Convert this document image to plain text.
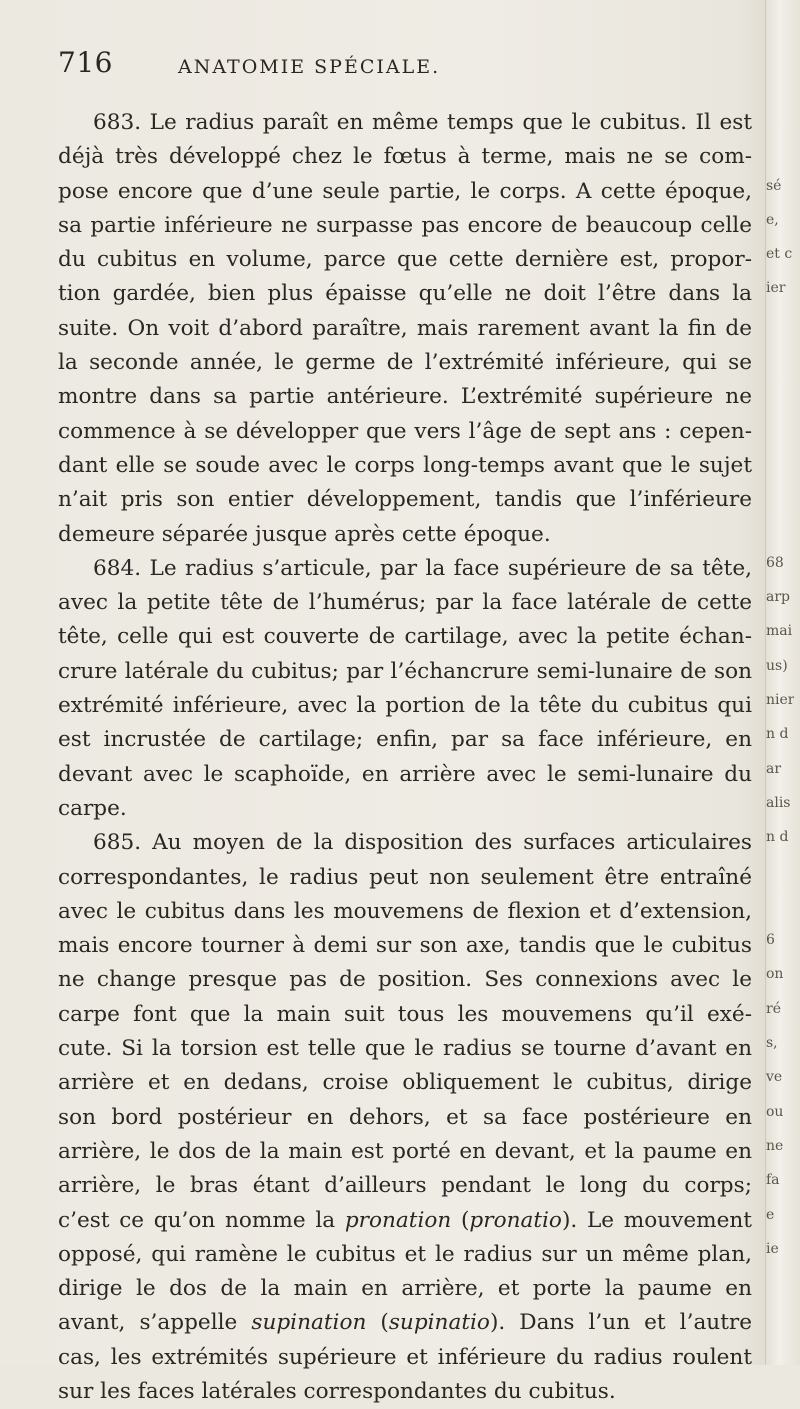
sé
e,
et c
ier
68
arp
mai
us)
nier
n d
ar
alis
n d
6
on
ré
s,
ve
ou
ne
fa
e
ie
716	ANATOMIE SPÉCIALE.
683. Le radius paraît en même temps que le cubitus. Il est
déjà très développé chez le fœtus à terme, mais ne se com-
pose encore que d’une seule partie, le corps. A cette époque,
sa partie inférieure ne surpasse pas encore de beaucoup celle
du cubitus en volume, parce que cette dernière est, propor-
tion gardée, bien plus épaisse qu’elle ne doit l’être dans la
suite. On voit d’abord paraître, mais rarement avant la fin de
la seconde année, le germe de l’extrémité inférieure, qui se
montre dans sa partie antérieure. L’extrémité supérieure ne
commence à se développer que vers l’âge de sept ans : cepen-
dant elle se soude avec le corps long-temps avant que le sujet
n’ait pris son entier développement, tandis que l’inférieure
demeure séparée jusque après cette époque.
684. Le radius s’articule, par la face supérieure de sa tête,
avec la petite tête de l’humérus; par la face latérale de cette
tête, celle qui est couverte de cartilage, avec la petite échan-
crure latérale du cubitus; par l’échancrure semi-lunaire de son
extrémité inférieure, avec la portion de la tête du cubitus qui
est incrustée de cartilage; enfin, par sa face inférieure, en
devant avec le scaphoïde, en arrière avec le semi-lunaire du
carpe.
685. Au moyen de la disposition des surfaces articulaires
correspondantes, le radius peut non seulement être entraîné
avec le cubitus dans les mouvemens de flexion et d’extension,
mais encore tourner à demi sur son axe, tandis que le cubitus
ne change presque pas de position. Ses connexions avec le
carpe font que la main suit tous les mouvemens qu’il exé-
cute. Si la torsion est telle que le radius se tourne d’avant en
arrière et en dedans, croise obliquement le cubitus, dirige
son bord postérieur en dehors, et sa face postérieure en
arrière, le dos de la main est porté en devant, et la paume en
arrière, le bras étant d’ailleurs pendant le long du corps;
c’est ce qu’on nomme la pronation (pronatio). Le mouvement
opposé, qui ramène le cubitus et le radius sur un même plan,
dirige le dos de la main en arrière, et porte la paume en
avant, s’appelle supination (supinatio). Dans l’un et l’autre
cas, les extrémités supérieure et inférieure du radius roulent
sur les faces latérales correspondantes du cubitus.
